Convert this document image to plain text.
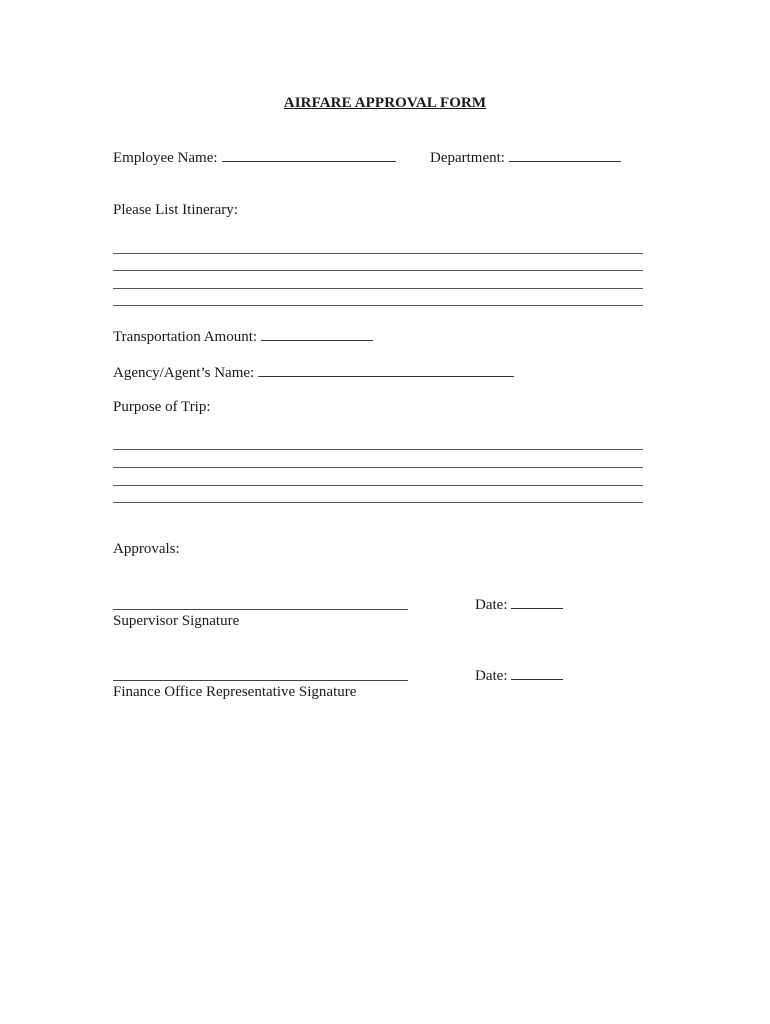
AIRFARE APPROVAL FORM
Employee Name:	Department:
Please List Itinerary:
Transportation Amount:
Agency/Agent’s Name:
Purpose of Trip:
Approvals:
Supervisor Signature
Date:
Finance Office Representative Signature
Date:
